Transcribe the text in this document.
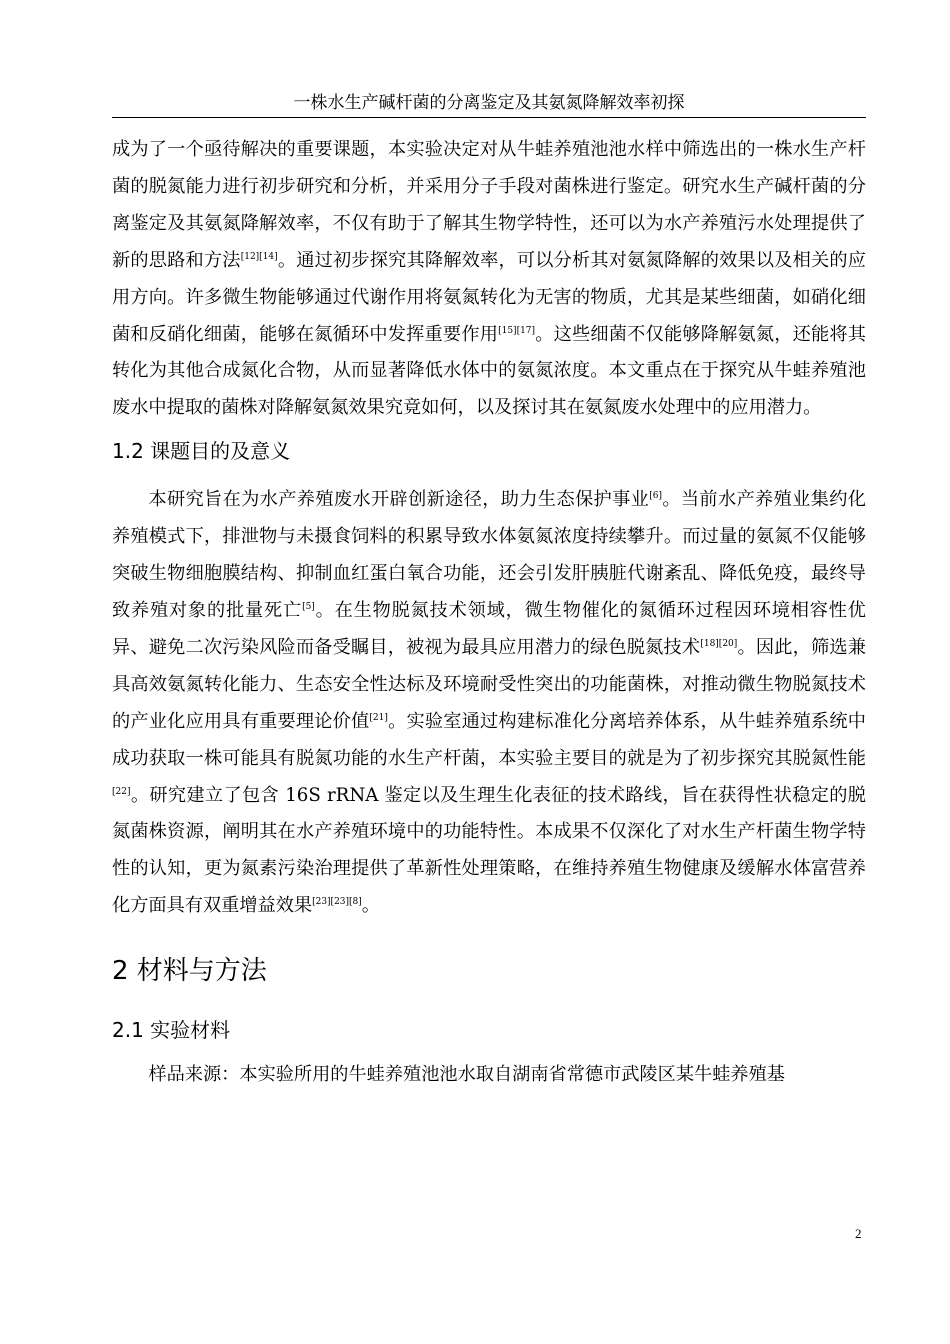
一株水生产碱杆菌的分离鉴定及其氨氮降解效率初探

成为了一个亟待解决的重要课题，本实验决定对从牛蛙养殖池池水样中筛选出的一株水生产杆菌的脱氮能力进行初步研究和分析，并采用分子手段对菌株进行鉴定。研究水生产碱杆菌的分离鉴定及其氨氮降解效率，不仅有助于了解其生物学特性，还可以为水产养殖污水处理提供了新的思路和方法[12][14]。通过初步探究其降解效率，可以分析其对氨氮降解的效果以及相关的应用方向。许多微生物能够通过代谢作用将氨氮转化为无害的物质，尤其是某些细菌，如硝化细菌和反硝化细菌，能够在氮循环中发挥重要作用[15][17]。这些细菌不仅能够降解氨氮，还能将其转化为其他合成氮化合物，从而显著降低水体中的氨氮浓度。本文重点在于探究从牛蛙养殖池废水中提取的菌株对降解氨氮效果究竟如何，以及探讨其在氨氮废水处理中的应用潜力。

1.2 课题目的及意义

本研究旨在为水产养殖废水开辟创新途径，助力生态保护事业[6]。当前水产养殖业集约化养殖模式下，排泄物与未摄食饲料的积累导致水体氨氮浓度持续攀升。而过量的氨氮不仅能够突破生物细胞膜结构、抑制血红蛋白氧合功能，还会引发肝胰脏代谢紊乱、降低免疫，最终导致养殖对象的批量死亡[5]。在生物脱氮技术领域，微生物催化的氮循环过程因环境相容性优异、避免二次污染风险而备受瞩目，被视为最具应用潜力的绿色脱氮技术[18][20]。因此，筛选兼具高效氨氮转化能力、生态安全性达标及环境耐受性突出的功能菌株，对推动微生物脱氮技术的产业化应用具有重要理论价值[21]。实验室通过构建标准化分离培养体系，从牛蛙养殖系统中成功获取一株可能具有脱氮功能的水生产杆菌，本实验主要目的就是为了初步探究其脱氮性能[22]。研究建立了包含 16S rRNA 鉴定以及生理生化表征的技术路线，旨在获得性状稳定的脱氮菌株资源，阐明其在水产养殖环境中的功能特性。本成果不仅深化了对水生产杆菌生物学特性的认知，更为氮素污染治理提供了革新性处理策略，在维持养殖生物健康及缓解水体富营养化方面具有双重增益效果[23][23][8]。

2 材料与方法
2.1 实验材料

样品来源：本实验所用的牛蛙养殖池池水取自湖南省常德市武陵区某牛蛙养殖基

2
